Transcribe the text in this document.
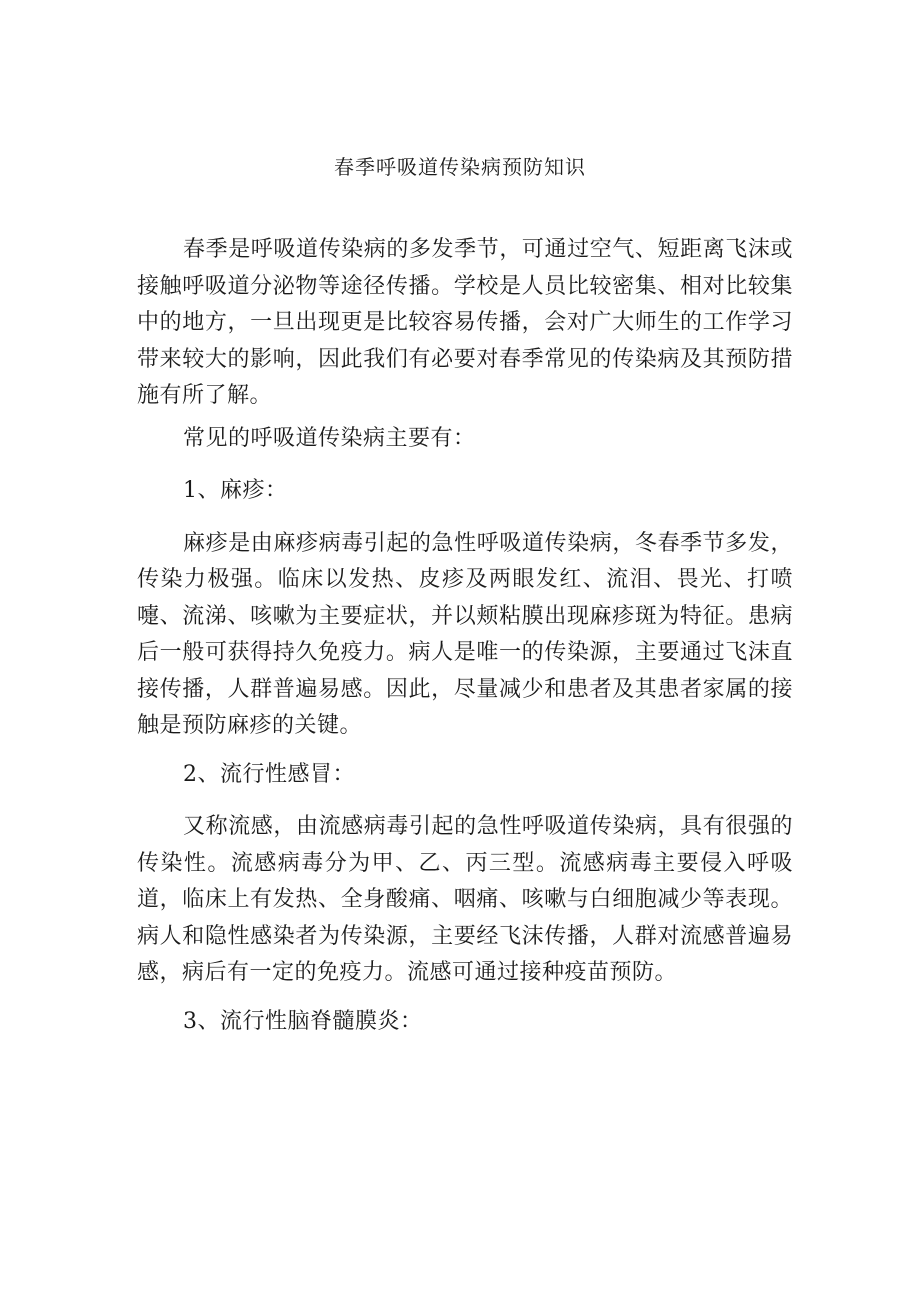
春季呼吸道传染病预防知识

春季是呼吸道传染病的多发季节，可通过空气、短距离飞沫或接触呼吸道分泌物等途径传播。学校是人员比较密集、相对比较集中的地方，一旦出现更是比较容易传播，会对广大师生的工作学习带来较大的影响，因此我们有必要对春季常见的传染病及其预防措施有所了解。

常见的呼吸道传染病主要有：

1、麻疹：

麻疹是由麻疹病毒引起的急性呼吸道传染病，冬春季节多发，传染力极强。临床以发热、皮疹及两眼发红、流泪、畏光、打喷嚏、流涕、咳嗽为主要症状，并以颊粘膜出现麻疹斑为特征。患病后一般可获得持久免疫力。病人是唯一的传染源，主要通过飞沫直接传播，人群普遍易感。因此，尽量减少和患者及其患者家属的接触是预防麻疹的关键。

2、流行性感冒：

又称流感，由流感病毒引起的急性呼吸道传染病，具有很强的传染性。流感病毒分为甲、乙、丙三型。流感病毒主要侵入呼吸道，临床上有发热、全身酸痛、咽痛、咳嗽与白细胞减少等表现。病人和隐性感染者为传染源，主要经飞沫传播，人群对流感普遍易感，病后有一定的免疫力。流感可通过接种疫苗预防。

3、流行性脑脊髓膜炎：
